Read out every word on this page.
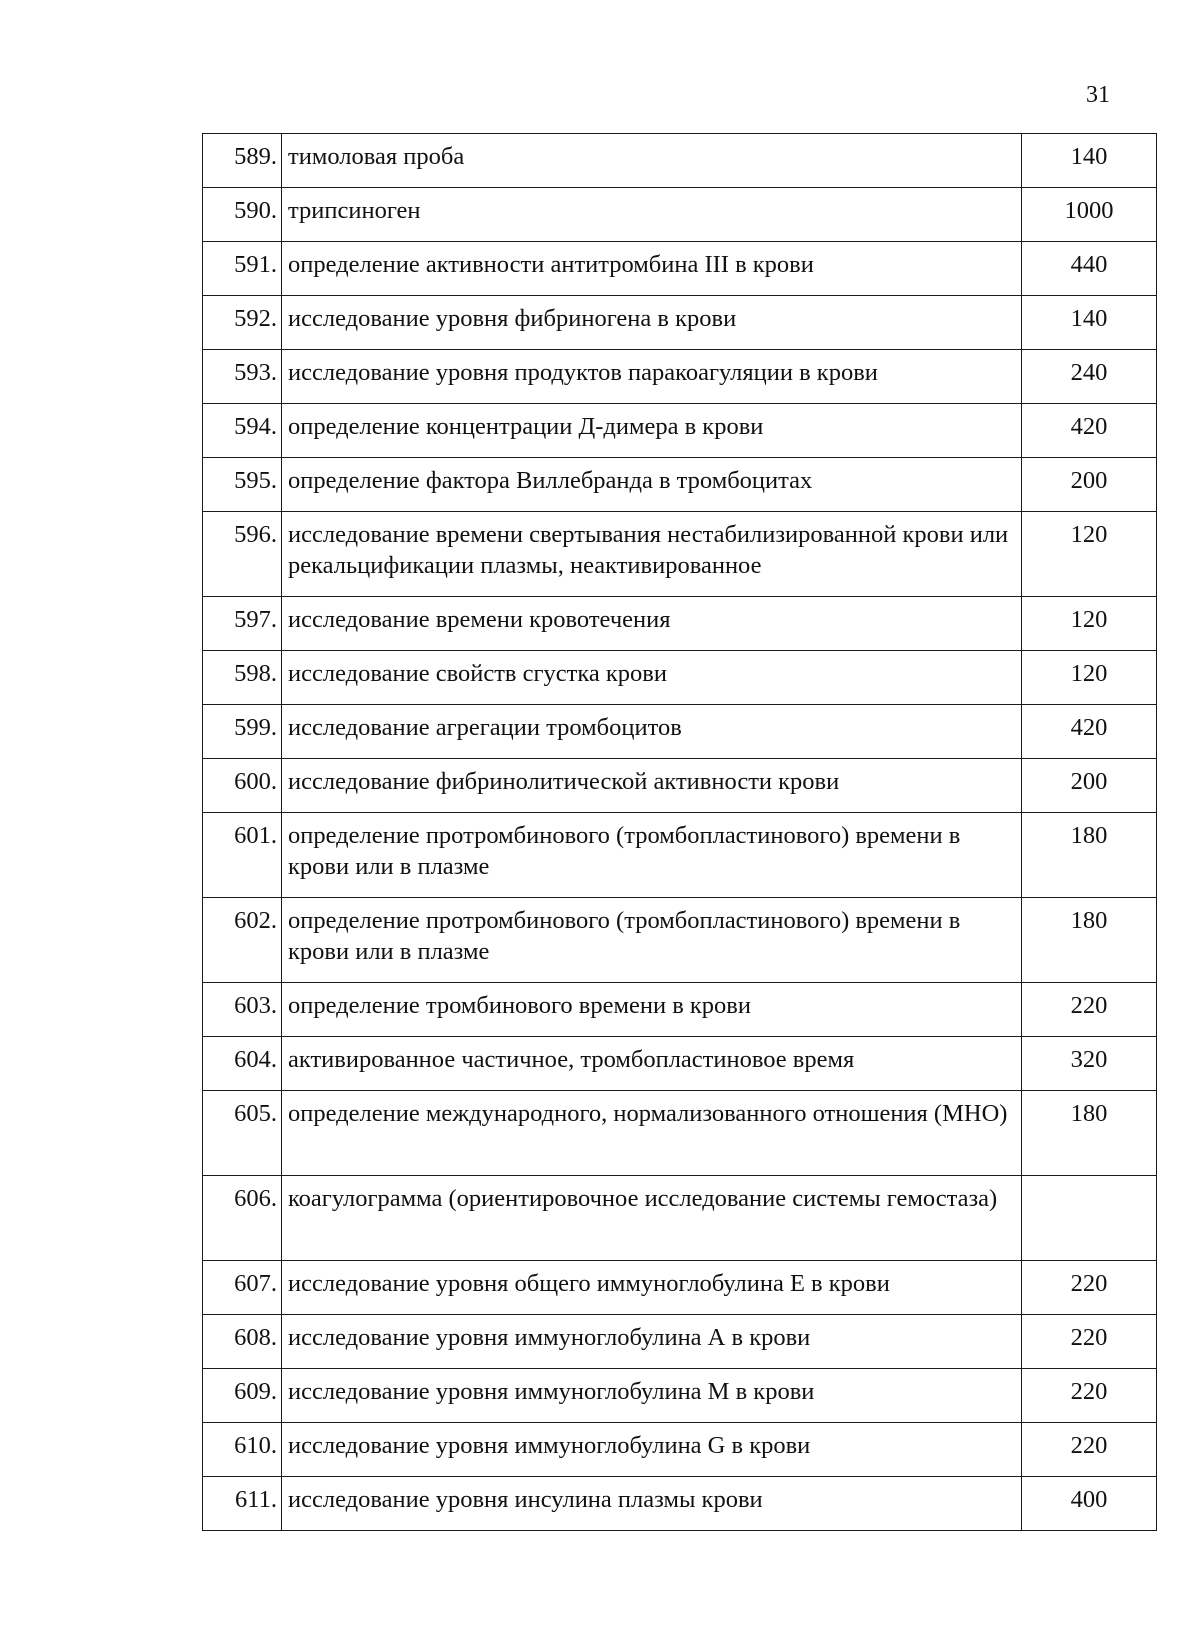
31
589.	тимоловая проба	140
590.	трипсиноген	1000
591.	определение активности антитромбина III в крови	440
592.	исследование уровня фибриногена в крови	140
593.	исследование уровня продуктов паракоагуляции в крови	240
594.	определение концентрации Д-димера в крови	420
595.	определение фактора Виллебранда в тромбоцитах	200
596.	исследование времени свертывания нестабилизированной крови или рекальцификации плазмы, неактивированное	120
597.	исследование времени кровотечения	120
598.	исследование свойств сгустка крови	120
599.	исследование агрегации тромбоцитов	420
600.	исследование фибринолитической активности крови	200
601.	определение протромбинового (тромбопластинового) времени в крови или в плазме	180
602.	определение протромбинового (тромбопластинового) времени в крови или в плазме	180
603.	определение тромбинового времени в крови	220
604.	активированное частичное, тромбопластиновое время	320
605.	определение международного, нормализованного отношения (МНО)	180
606.	коагулограмма (ориентировочное исследование системы гемостаза)	
607.	исследование уровня общего иммуноглобулина Е в крови	220
608.	исследование уровня иммуноглобулина А в крови	220
609.	исследование уровня иммуноглобулина М в крови	220
610.	исследование уровня иммуноглобулина G в крови	220
611.	исследование уровня инсулина плазмы крови	400
